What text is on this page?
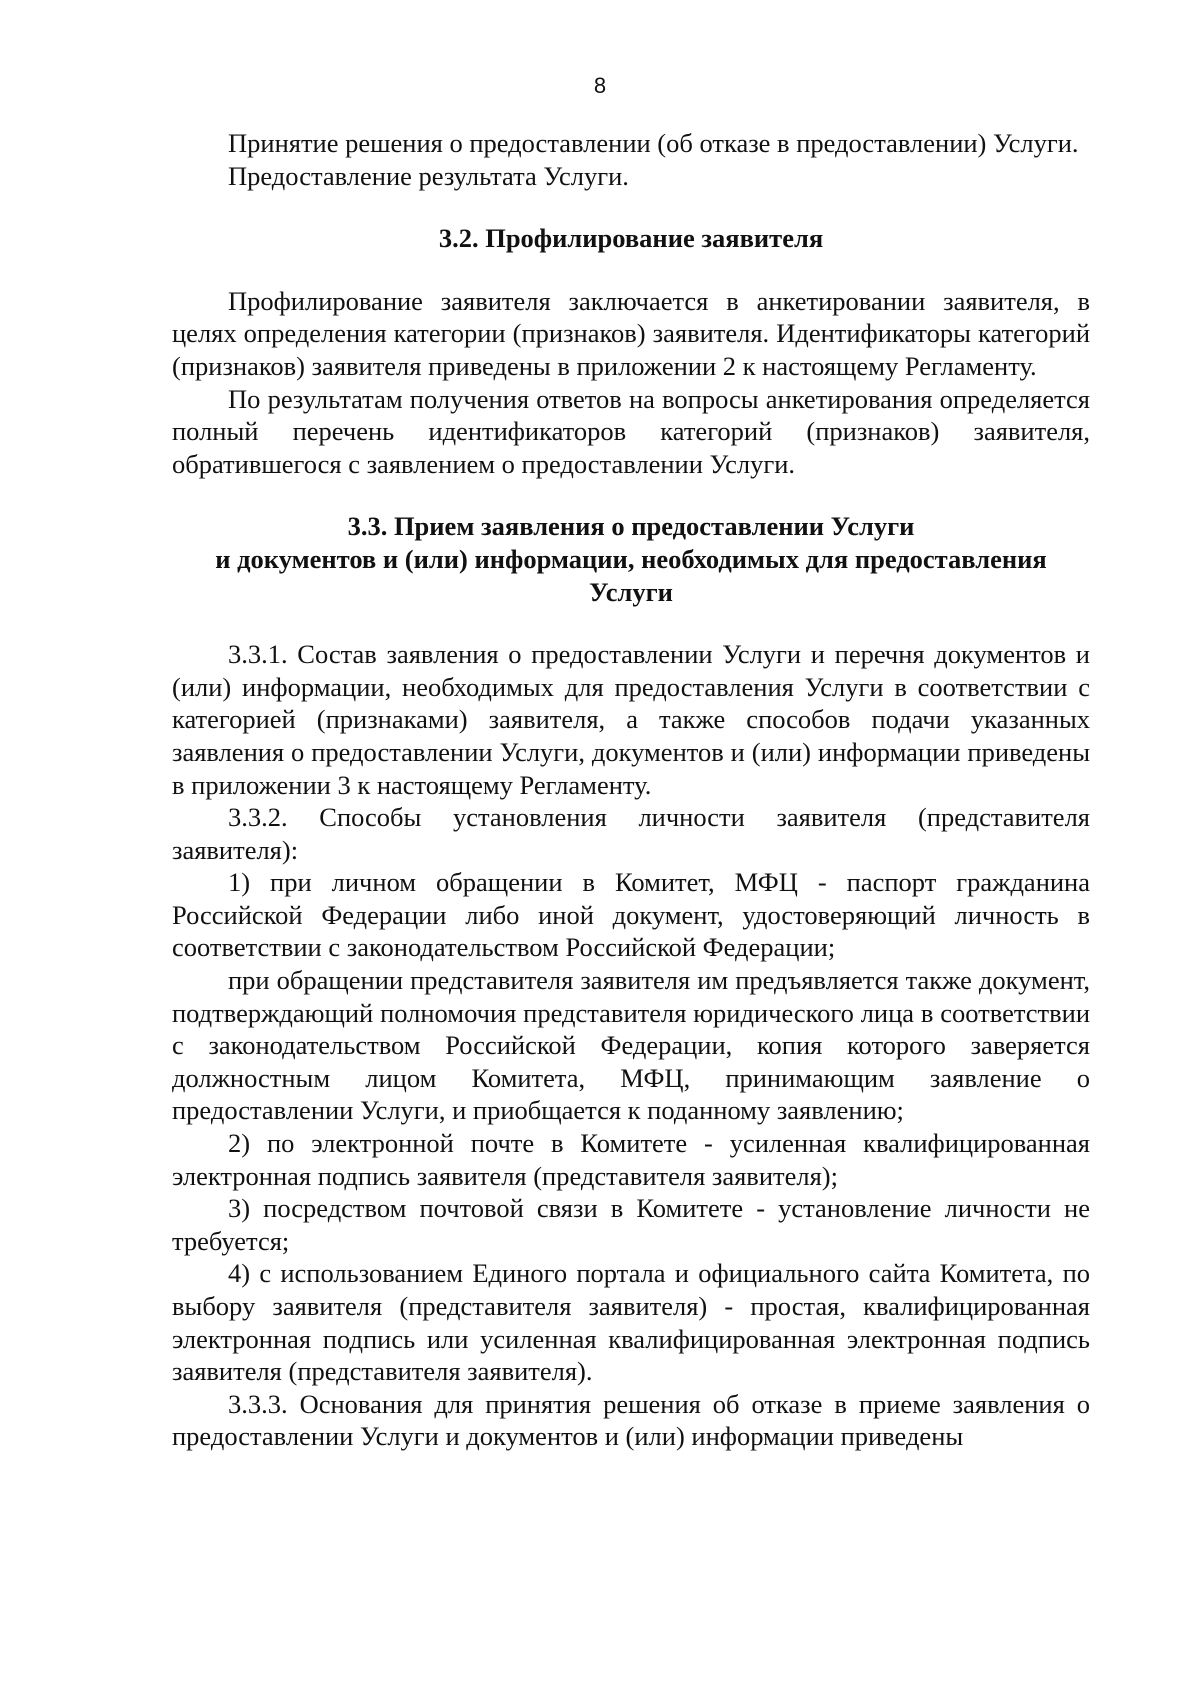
8

Принятие решения о предоставлении (об отказе в предоставлении) Услуги.

Предоставление результата Услуги.

3.2. Профилирование заявителя

Профилирование заявителя заключается в анкетировании заявителя, в целях определения категории (признаков) заявителя. Идентификаторы категорий (признаков) заявителя приведены в приложении 2 к настоящему Регламенту.

По результатам получения ответов на вопросы анкетирования определяется полный перечень идентификаторов категорий (признаков) заявителя, обратившегося с заявлением о предоставлении Услуги.

3.3. Прием заявления о предоставлении Услуги
и документов и (или) информации, необходимых для предоставления
Услуги

3.3.1. Состав заявления о предоставлении Услуги и перечня документов и (или) информации, необходимых для предоставления Услуги в соответствии с категорией (признаками) заявителя, а также способов подачи указанных заявления о предоставлении Услуги, документов и (или) информации приведены в приложении 3 к настоящему Регламенту.

3.3.2. Способы установления личности заявителя (представителя заявителя):

1) при личном обращении в Комитет, МФЦ - паспорт гражданина Российской Федерации либо иной документ, удостоверяющий личность в соответствии с законодательством Российской Федерации;

при обращении представителя заявителя им предъявляется также документ, подтверждающий полномочия представителя юридического лица в соответствии с законодательством Российской Федерации, копия которого заверяется должностным лицом Комитета, МФЦ, принимающим заявление о предоставлении Услуги, и приобщается к поданному заявлению;

2) по электронной почте в Комитете - усиленная квалифицированная электронная подпись заявителя (представителя заявителя);

3) посредством почтовой связи в Комитете - установление личности не требуется;

4) с использованием Единого портала и официального сайта Комитета, по выбору заявителя (представителя заявителя) - простая, квалифицированная электронная подпись или усиленная квалифицированная электронная подпись заявителя (представителя заявителя).

3.3.3. Основания для принятия решения об отказе в приеме заявления о предоставлении Услуги и документов и (или) информации приведены
